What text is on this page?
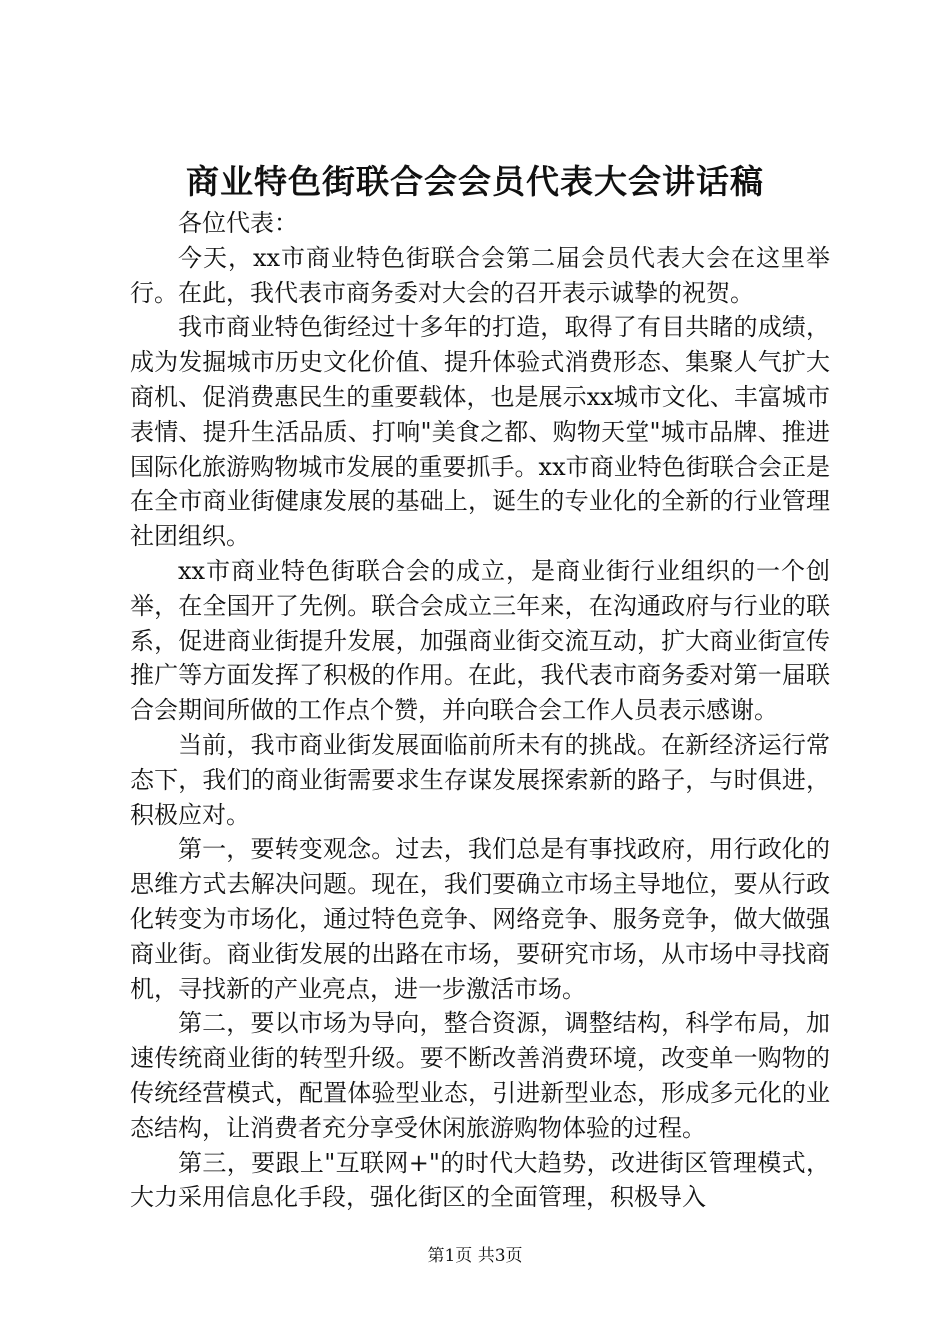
商业特色街联合会会员代表大会讲话稿

各位代表：

今天，xx市商业特色街联合会第二届会员代表大会在这里举行。在此，我代表市商务委对大会的召开表示诚挚的祝贺。

我市商业特色街经过十多年的打造，取得了有目共睹的成绩，成为发掘城市历史文化价值、提升体验式消费形态、集聚人气扩大商机、促消费惠民生的重要载体，也是展示xx城市文化、丰富城市表情、提升生活品质、打响"美食之都、购物天堂"城市品牌、推进国际化旅游购物城市发展的重要抓手。xx市商业特色街联合会正是在全市商业街健康发展的基础上，诞生的专业化的全新的行业管理社团组织。

xx市商业特色街联合会的成立，是商业街行业组织的一个创举，在全国开了先例。联合会成立三年来，在沟通政府与行业的联系，促进商业街提升发展，加强商业街交流互动，扩大商业街宣传推广等方面发挥了积极的作用。在此，我代表市商务委对第一届联合会期间所做的工作点个赞，并向联合会工作人员表示感谢。

当前，我市商业街发展面临前所未有的挑战。在新经济运行常态下，我们的商业街需要求生存谋发展探索新的路子，与时俱进，积极应对。

第一，要转变观念。过去，我们总是有事找政府，用行政化的思维方式去解决问题。现在，我们要确立市场主导地位，要从行政化转变为市场化，通过特色竞争、网络竞争、服务竞争，做大做强商业街。商业街发展的出路在市场，要研究市场，从市场中寻找商机，寻找新的产业亮点，进一步激活市场。

第二，要以市场为导向，整合资源，调整结构，科学布局，加速传统商业街的转型升级。要不断改善消费环境，改变单一购物的传统经营模式，配置体验型业态，引进新型业态，形成多元化的业态结构，让消费者充分享受休闲旅游购物体验的过程。

第三，要跟上"互联网+"的时代大趋势，改进街区管理模式，大力采用信息化手段，强化街区的全面管理，积极导入

第1页 共3页
